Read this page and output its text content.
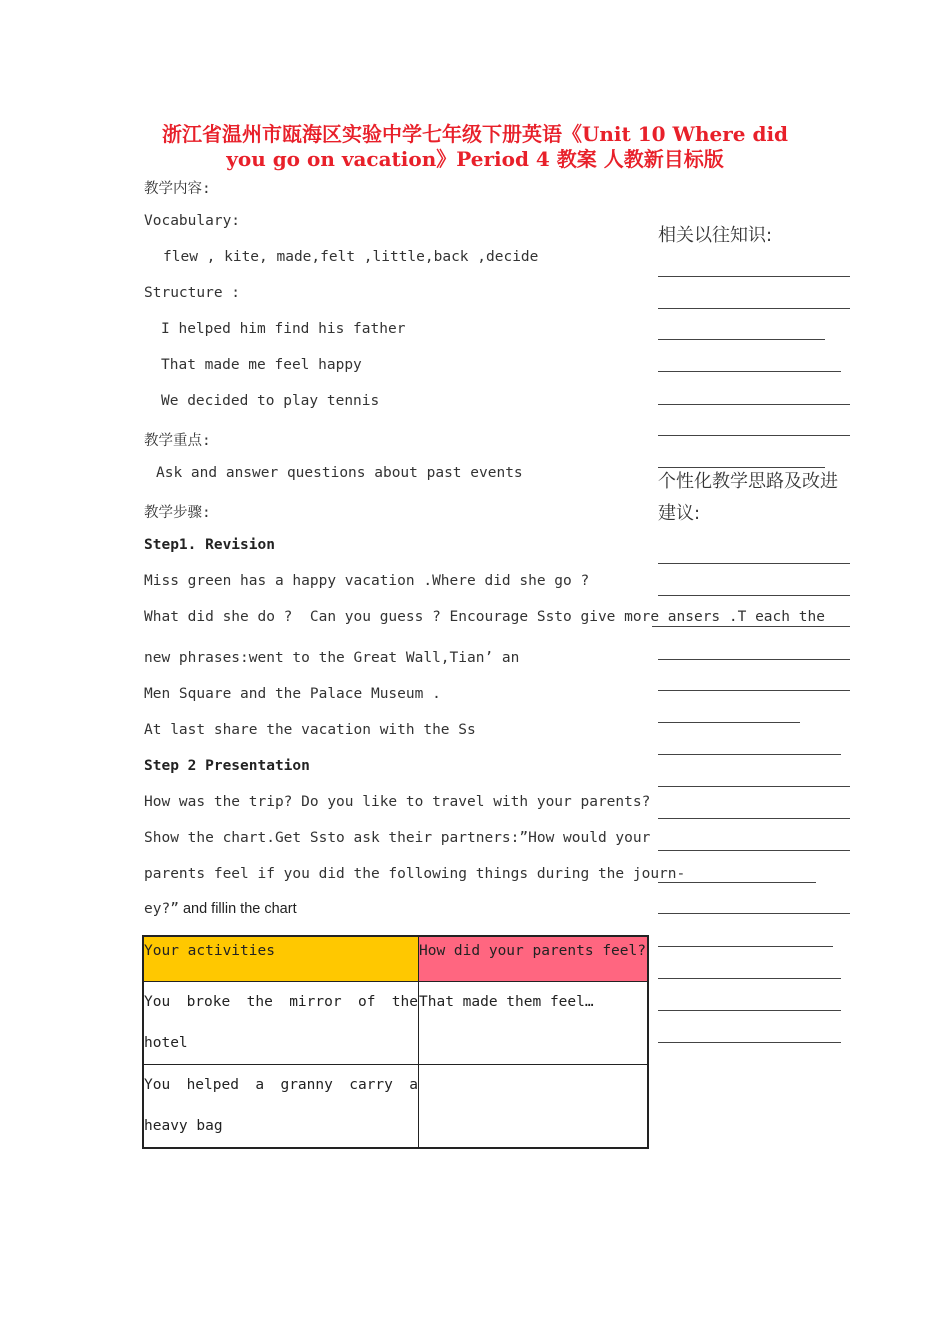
浙江省温州市瓯海区实验中学七年级下册英语《Unit 10 Where did
you go on vacation》Period 4 教案 人教新目标版
教学内容:
Vocabulary:
flew , kite, made,felt ,little,back ,decide
Structure :
I helped him find his father
That made me feel happy
We decided to play tennis
教学重点:
Ask and answer questions about past events
教学步骤:
Step1. Revision
Miss green has a happy vacation .Where did she go ?
What did she do ?  Can you guess ? Encourage Ssto give more ansers .T each the
new phrases:went to the Great Wall,Tian’ an
Men Square and the Palace Museum .
At last share the vacation with the Ss
Step 2 Presentation
How was the trip? Do you like to travel with your parents?
Show the chart.Get Ssto ask their partners:”How would your
parents feel if you did the following things during the journ-
ey?” and fillin the chart
相关以往知识:
个性化教学思路及改进建议:
Your activities	How did your parents feel?
You broke the mirror of the hotel	That made them feel…
You helped a granny carry a heavy bag	
